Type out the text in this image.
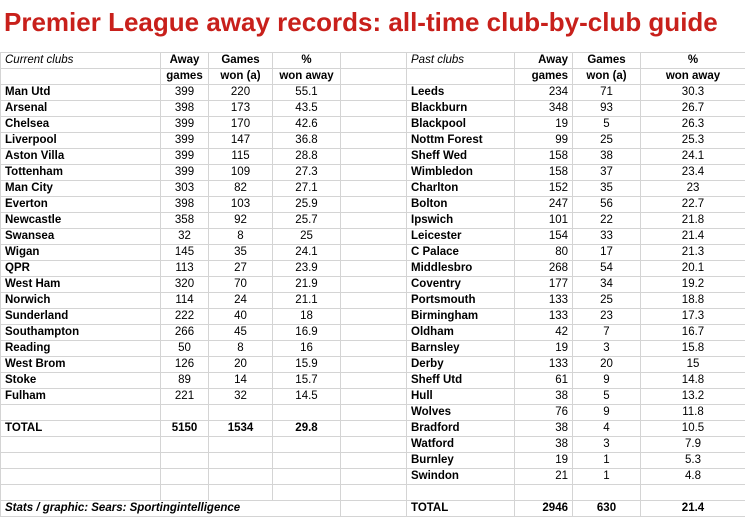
Premier League away records: all-time club-by-club guide
Current clubs	Away	Games	%		Past clubs	Away	Games	%
	games	won (a)	won away			games	won (a)	won away
Man Utd	399	220	55.1		Leeds	234	71	30.3
Arsenal	398	173	43.5		Blackburn	348	93	26.7
Chelsea	399	170	42.6		Blackpool	19	5	26.3
Liverpool	399	147	36.8		Nottm Forest	99	25	25.3
Aston Villa	399	115	28.8		Sheff Wed	158	38	24.1
Tottenham	399	109	27.3		Wimbledon	158	37	23.4
Man City	303	82	27.1		Charlton	152	35	23
Everton	398	103	25.9		Bolton	247	56	22.7
Newcastle	358	92	25.7		Ipswich	101	22	21.8
Swansea	32	8	25		Leicester	154	33	21.4
Wigan	145	35	24.1		C Palace	80	17	21.3
QPR	113	27	23.9		Middlesbro	268	54	20.1
West Ham	320	70	21.9		Coventry	177	34	19.2
Norwich	114	24	21.1		Portsmouth	133	25	18.8
Sunderland	222	40	18		Birmingham	133	23	17.3
Southampton	266	45	16.9		Oldham	42	7	16.7
Reading	50	8	16		Barnsley	19	3	15.8
West Brom	126	20	15.9		Derby	133	20	15
Stoke	89	14	15.7		Sheff Utd	61	9	14.8
Fulham	221	32	14.5		Hull	38	5	13.2
					Wolves	76	9	11.8
TOTAL	5150	1534	29.8		Bradford	38	4	10.5
					Watford	38	3	7.9
					Burnley	19	1	5.3
					Swindon	21	1	4.8

Stats / graphic: Sears: Sportingintelligence					TOTAL	2946	630	21.4
